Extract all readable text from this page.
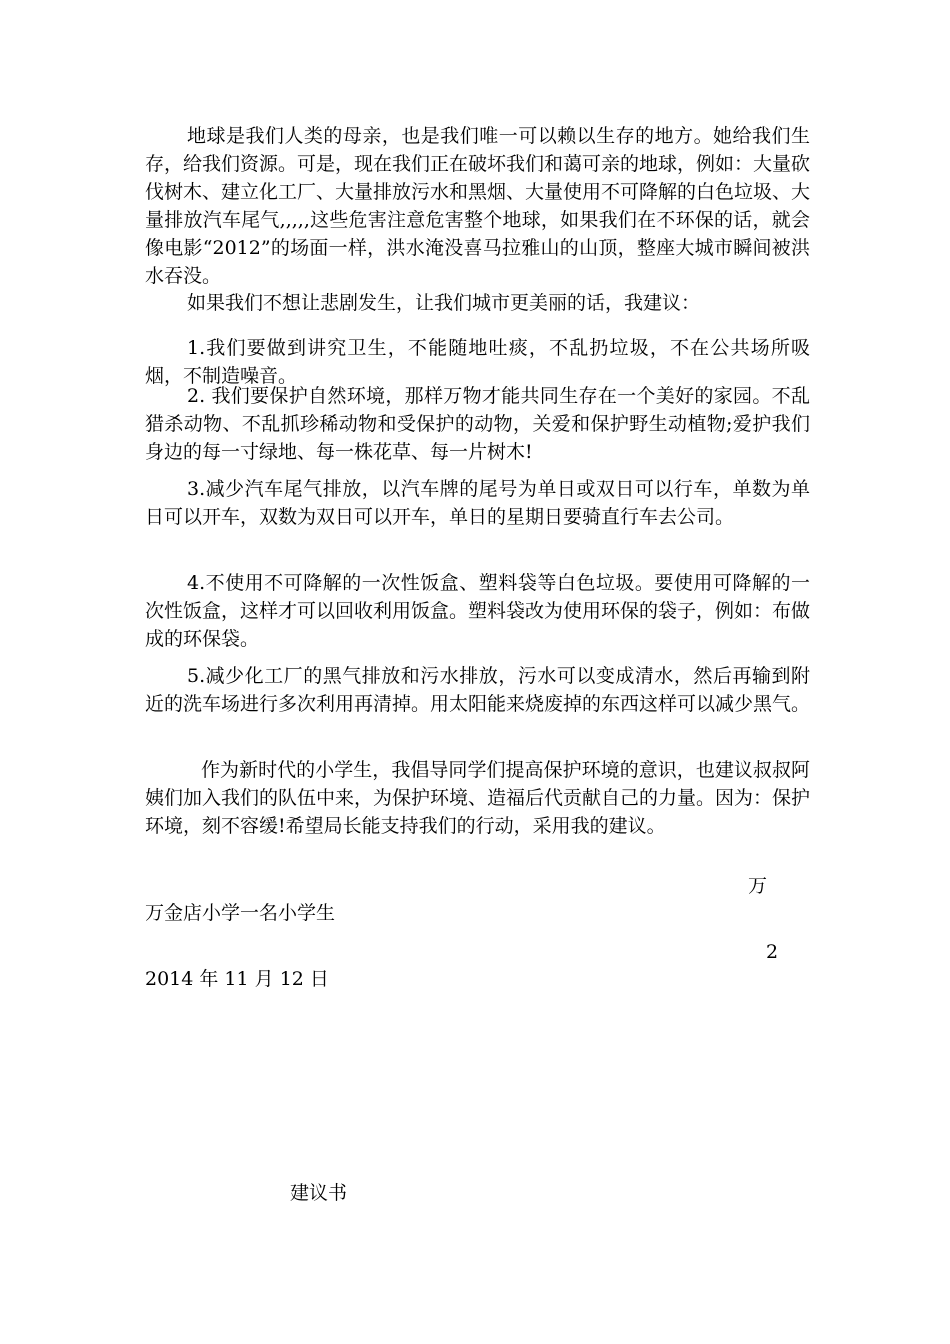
地球是我们人类的母亲，也是我们唯一可以赖以生存的地方。她给我们生存，给我们资源。可是，现在我们正在破坏我们和蔼可亲的地球，例如：大量砍伐树木、建立化工厂、大量排放污水和黑烟、大量使用不可降解的白色垃圾、大量排放汽车尾气,,,,,这些危害注意危害整个地球，如果我们在不环保的话，就会像电影“2012”的场面一样，洪水淹没喜马拉雅山的山顶，整座大城市瞬间被洪水吞没。

如果我们不想让悲剧发生，让我们城市更美丽的话，我建议：

1.我们要做到讲究卫生，不能随地吐痰，不乱扔垃圾，不在公共场所吸烟，不制造噪音。

2. 我们要保护自然环境，那样万物才能共同生存在一个美好的家园。不乱猎杀动物、不乱抓珍稀动物和受保护的动物，关爱和保护野生动植物;爱护我们身边的每一寸绿地、每一株花草、每一片树木!

3.减少汽车尾气排放，以汽车牌的尾号为单日或双日可以行车，单数为单日可以开车，双数为双日可以开车，单日的星期日要骑直行车去公司。

4.不使用不可降解的一次性饭盒、塑料袋等白色垃圾。要使用可降解的一次性饭盒，这样才可以回收利用饭盒。塑料袋改为使用环保的袋子，例如：布做成的环保袋。

5.减少化工厂的黑气排放和污水排放，污水可以变成清水，然后再输到附近的洗车场进行多次利用再清掉。用太阳能来烧废掉的东西这样可以减少黑气。

作为新时代的小学生，我倡导同学们提高保护环境的意识，也建议叔叔阿姨们加入我们的队伍中来，为保护环境、造福后代贡献自己的力量。因为：保护环境，刻不容缓!希望局长能支持我们的行动，采用我的建议。

万
万金店小学一名小学生
2
2014 年 11 月 12 日
建议书
